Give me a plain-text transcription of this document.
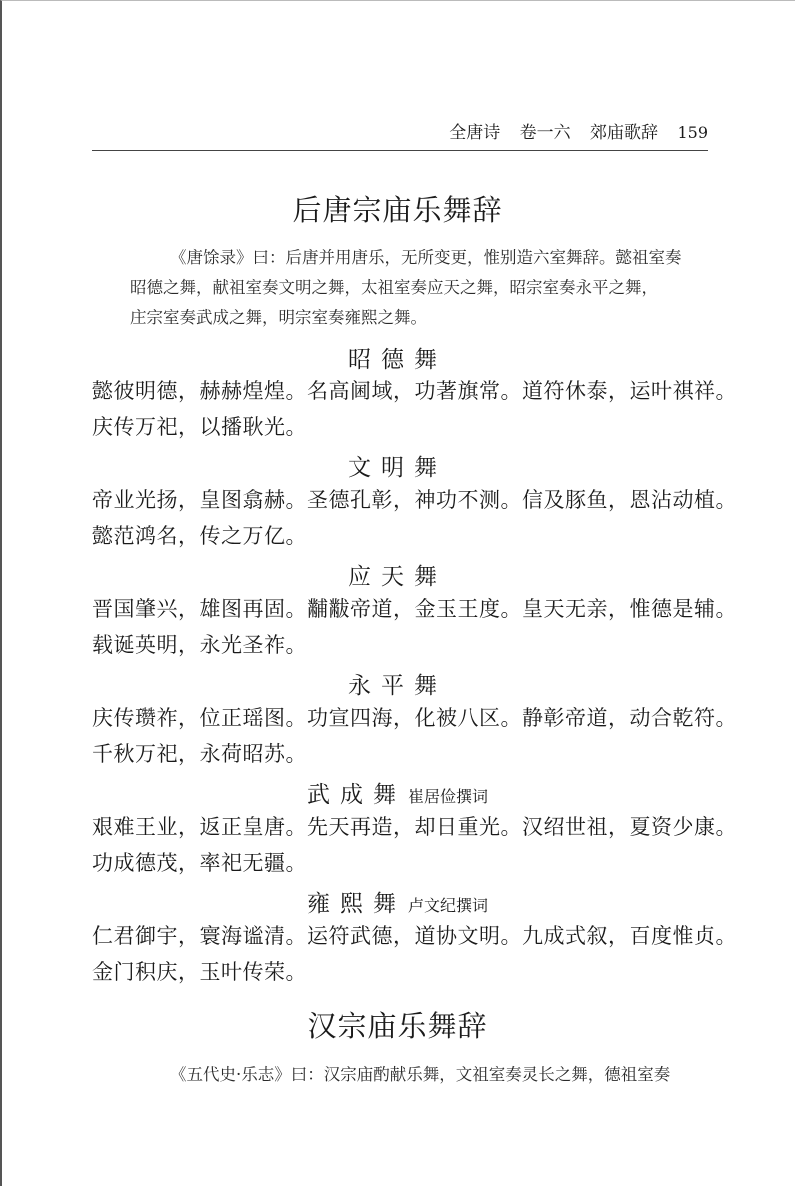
全唐诗 卷一六 郊庙歌辞 159
后唐宗庙乐舞辞
《唐馀录》曰：后唐并用唐乐，无所变更，惟别造六室舞辞。懿祖室奏
昭德之舞，献祖室奏文明之舞，太祖室奏应天之舞，昭宗室奏永平之舞，
庄宗室奏武成之舞，明宗室奏雍熙之舞。
昭德舞
懿彼明德，赫赫煌煌。名高阃域，功著旗常。道符休泰，运叶祺祥。
庆传万祀，以播耿光。
文明舞
帝业光扬，皇图翕赫。圣德孔彰，神功不测。信及豚鱼，恩沾动植。
懿范鸿名，传之万亿。
应天舞
晋国肇兴，雄图再固。黼黻帝道，金玉王度。皇天无亲，惟德是辅。
载诞英明，永光圣祚。
永平舞
庆传瓒祚，位正瑶图。功宣四海，化被八区。静彰帝道，动合乾符。
千秋万祀，永荷昭苏。
武成舞 崔居俭撰词
艰难王业，返正皇唐。先天再造，却日重光。汉绍世祖，夏资少康。
功成德茂，率祀无疆。
雍熙舞 卢文纪撰词
仁君御宇，寰海谧清。运符武德，道协文明。九成式叙，百度惟贞。
金门积庆，玉叶传荣。
汉宗庙乐舞辞
《五代史·乐志》曰：汉宗庙酌献乐舞，文祖室奏灵长之舞，德祖室奏
